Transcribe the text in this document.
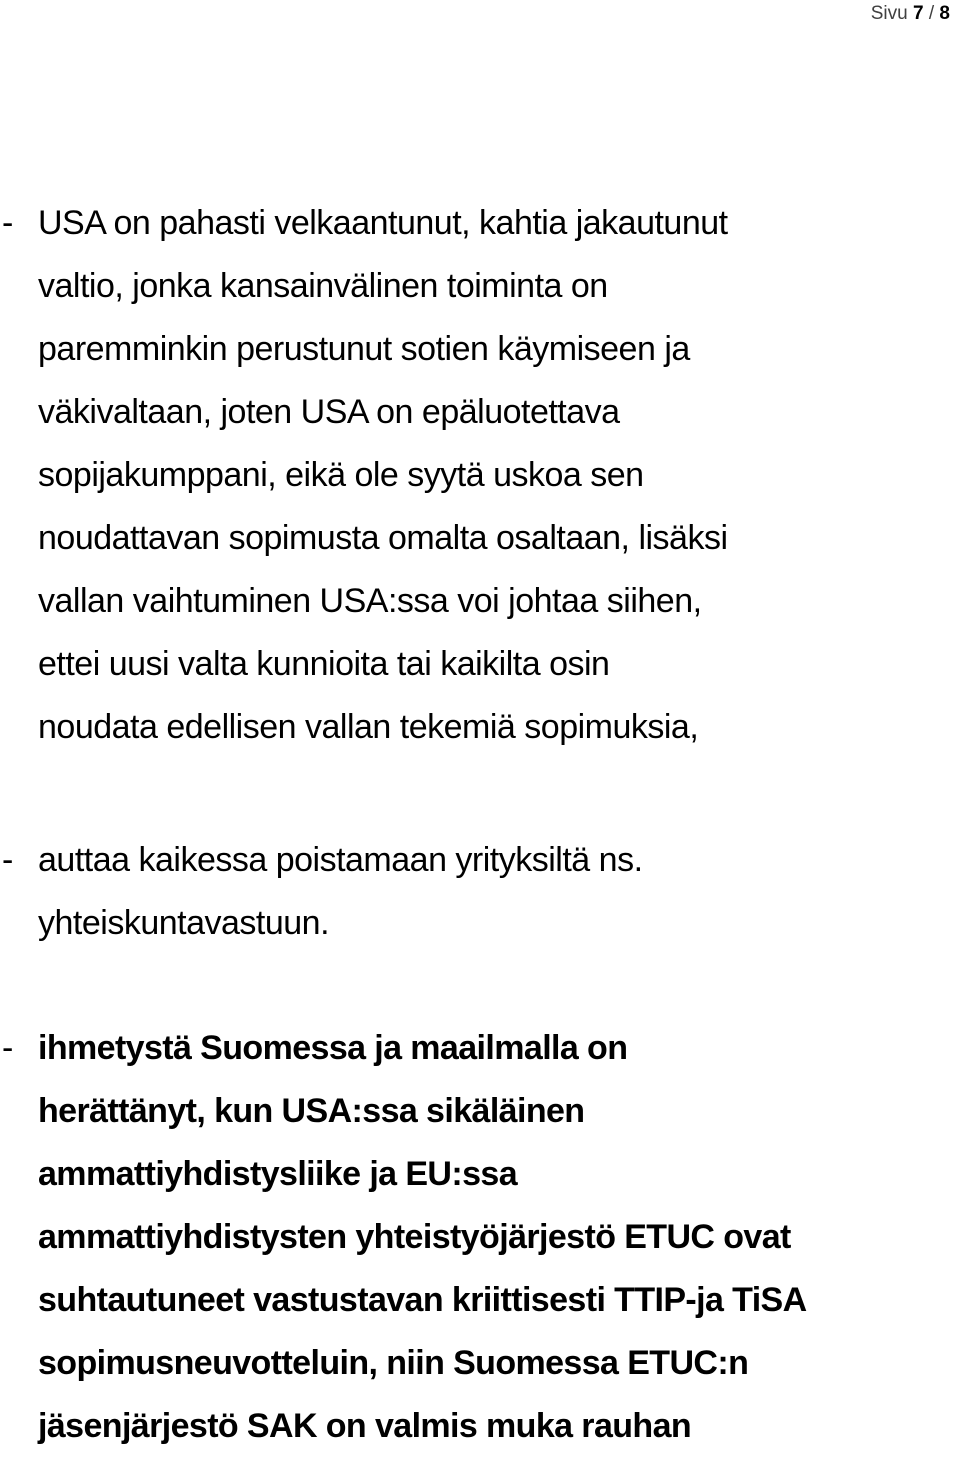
Sivu 7 / 8
- USA on pahasti velkaantunut, kahtia jakautunut
valtio, jonka kansainvälinen toiminta on
paremminkin perustunut sotien käymiseen ja
väkivaltaan, joten USA on epäluotettava
sopijakumppani, eikä ole syytä uskoa sen
noudattavan sopimusta omalta osaltaan, lisäksi
vallan vaihtuminen USA:ssa voi johtaa siihen,
ettei uusi valta kunnioita tai kaikilta osin
noudata edellisen vallan tekemiä sopimuksia,
- auttaa kaikessa poistamaan yrityksiltä ns.
yhteiskuntavastuun.
- ihmetystä Suomessa ja maailmalla on
herättänyt, kun USA:ssa sikäläinen
ammattiyhdistysliike ja EU:ssa
ammattiyhdistysten yhteistyöjärjestö ETUC ovat
suhtautuneet vastustavan kriittisesti TTIP-ja TiSA
sopimusneuvotteluin, niin Suomessa ETUC:n
jäsenjärjestö SAK on valmis muka rauhan
